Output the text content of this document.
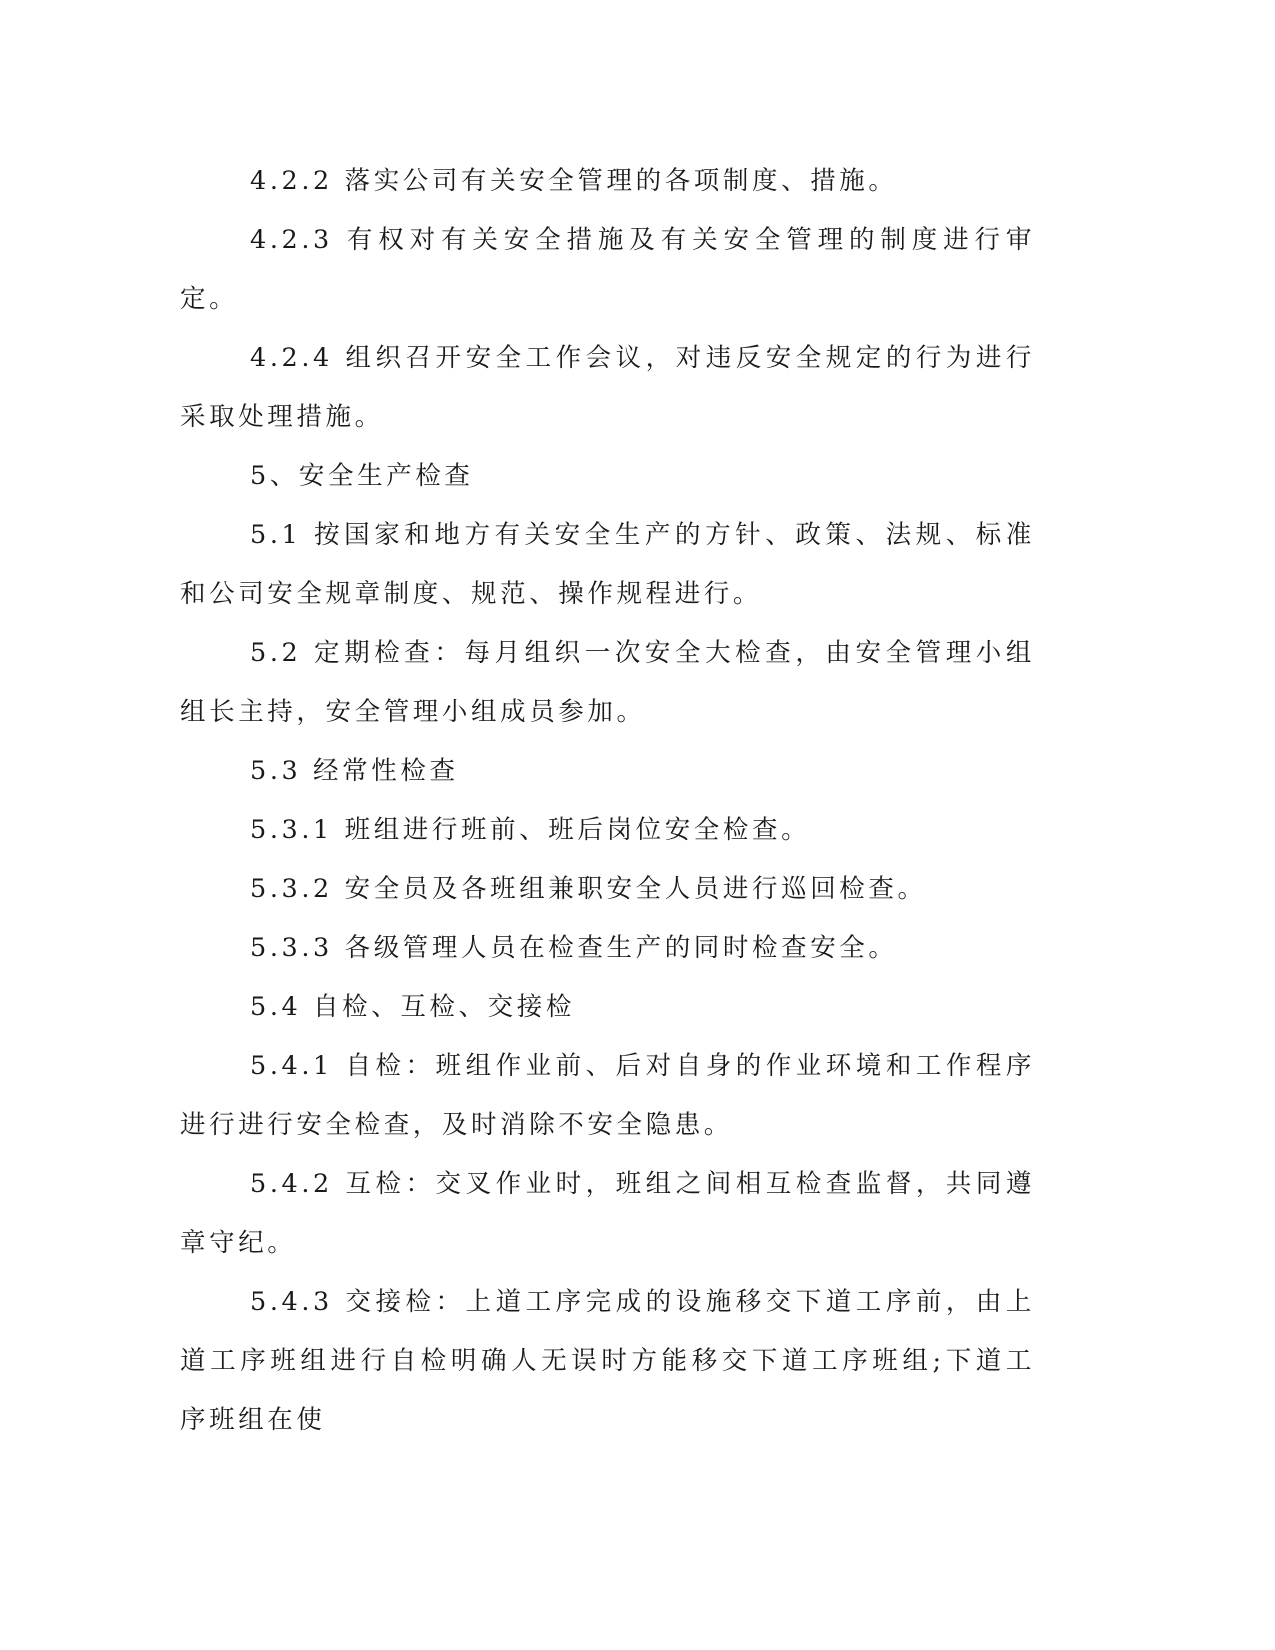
4.2.2 落实公司有关安全管理的各项制度、措施。

4.2.3 有权对有关安全措施及有关安全管理的制度进行审定。

4.2.4 组织召开安全工作会议，对违反安全规定的行为进行采取处理措施。

5、安全生产检查

5.1 按国家和地方有关安全生产的方针、政策、法规、标准和公司安全规章制度、规范、操作规程进行。

5.2 定期检查：每月组织一次安全大检查，由安全管理小组组长主持，安全管理小组成员参加。

5.3 经常性检查

5.3.1 班组进行班前、班后岗位安全检查。

5.3.2 安全员及各班组兼职安全人员进行巡回检查。

5.3.3 各级管理人员在检查生产的同时检查安全。

5.4 自检、互检、交接检

5.4.1 自检：班组作业前、后对自身的作业环境和工作程序进行进行安全检查，及时消除不安全隐患。

5.4.2 互检：交叉作业时，班组之间相互检查监督，共同遵章守纪。

5.4.3 交接检：上道工序完成的设施移交下道工序前，由上道工序班组进行自检明确人无误时方能移交下道工序班组;下道工序班组在使
